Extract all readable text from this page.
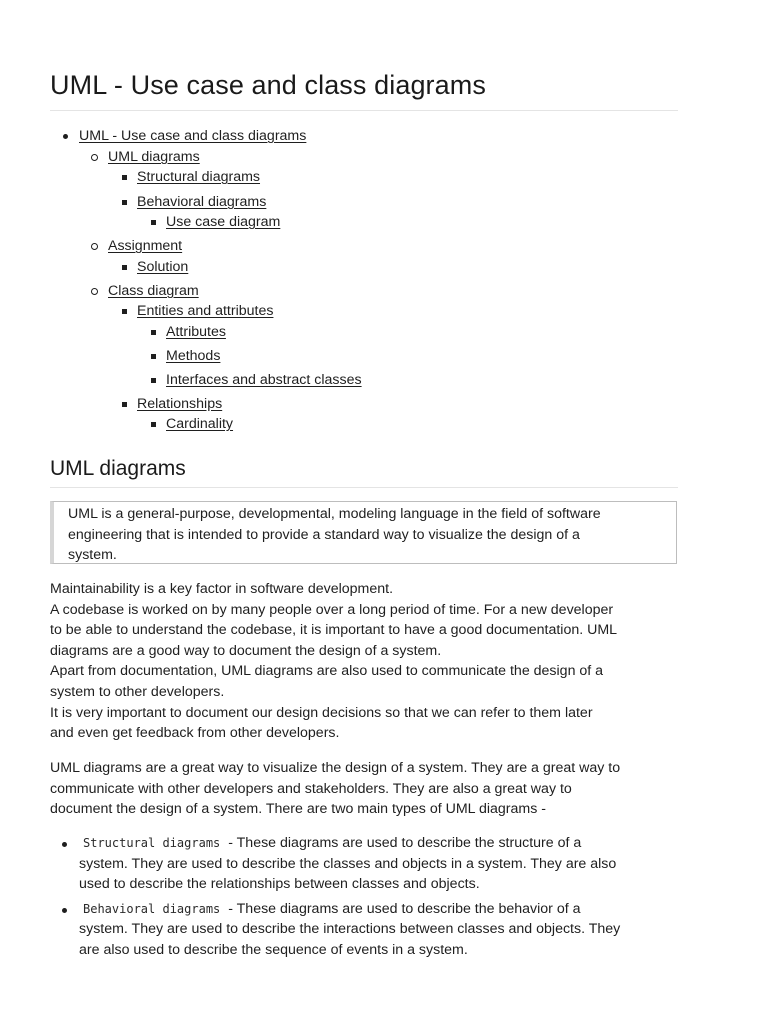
UML - Use case and class diagrams
UML - Use case and class diagrams
UML diagrams
Structural diagrams
Behavioral diagrams
Use case diagram
Assignment
Solution
Class diagram
Entities and attributes
Attributes
Methods
Interfaces and abstract classes
Relationships
Cardinality
UML diagrams
UML is a general-purpose, developmental, modeling language in the field of software
engineering that is intended to provide a standard way to visualize the design of a
system.

Maintainability is a key factor in software development.
A codebase is worked on by many people over a long period of time. For a new developer
to be able to understand the codebase, it is important to have a good documentation. UML
diagrams are a good way to document the design of a system.
Apart from documentation, UML diagrams are also used to communicate the design of a
system to other developers.
It is very important to document our design decisions so that we can refer to them later
and even get feedback from other developers.

UML diagrams are a great way to visualize the design of a system. They are a great way to
communicate with other developers and stakeholders. They are also a great way to
document the design of a system. There are two main types of UML diagrams -

Structural diagrams - These diagrams are used to describe the structure of a
system. They are used to describe the classes and objects in a system. They are also
used to describe the relationships between classes and objects.
Behavioral diagrams - These diagrams are used to describe the behavior of a
system. They are used to describe the interactions between classes and objects. They
are also used to describe the sequence of events in a system.
